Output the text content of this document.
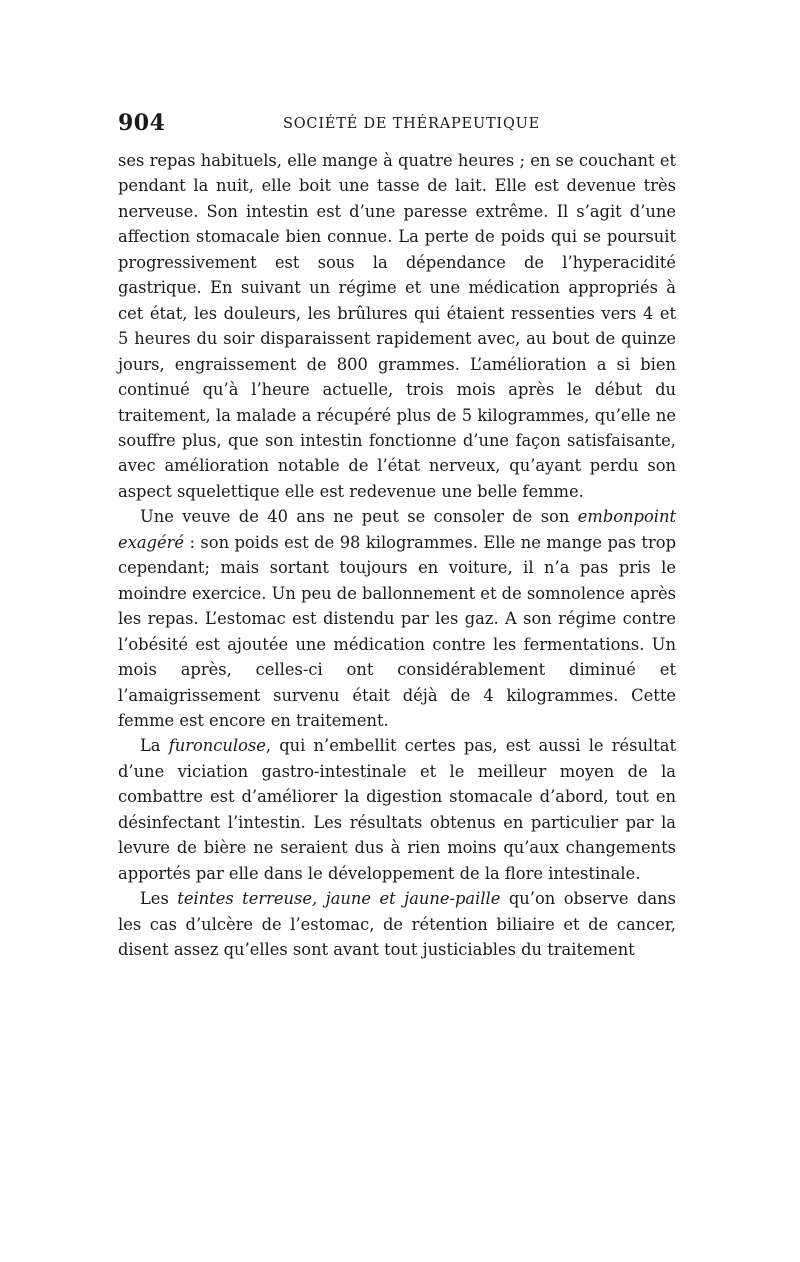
904	SOCIÉTÉ DE THÉRAPEUTIQUE

ses repas habituels, elle mange à quatre heures ; en se couchant et pendant la nuit, elle boit une tasse de lait. Elle est devenue très nerveuse. Son intestin est d’une paresse extrême. Il s’agit d’une affection stomacale bien connue. La perte de poids qui se poursuit progressivement est sous la dépendance de l’hyperacidité gastrique. En suivant un régime et une médication appropriés à cet état, les douleurs, les brûlures qui étaient ressenties vers 4 et 5 heures du soir disparaissent rapidement avec, au bout de quinze jours, engraissement de 800 grammes. L’amélioration a si bien continué qu’à l’heure actuelle, trois mois après le début du traitement, la malade a récupéré plus de 5 kilogrammes, qu’elle ne souffre plus, que son intestin fonctionne d’une façon satisfaisante, avec amélioration notable de l’état nerveux, qu’ayant perdu son aspect squelettique elle est redevenue une belle femme.

Une veuve de 40 ans ne peut se consoler de son embonpoint exagéré : son poids est de 98 kilogrammes. Elle ne mange pas trop cependant; mais sortant toujours en voiture, il n’a pas pris le moindre exercice. Un peu de ballonnement et de somnolence après les repas. L’estomac est distendu par les gaz. A son régime contre l’obésité est ajoutée une médication contre les fermentations. Un mois après, celles-ci ont considérablement diminué et l’amaigrissement survenu était déjà de 4 kilogrammes. Cette femme est encore en traitement.

La furonculose, qui n’embellit certes pas, est aussi le résultat d’une viciation gastro-intestinale et le meilleur moyen de la combattre est d’améliorer la digestion stomacale d’abord, tout en désinfectant l’intestin. Les résultats obtenus en particulier par la levure de bière ne seraient dus à rien moins qu’aux changements apportés par elle dans le développement de la flore intestinale.

Les teintes terreuse, jaune et jaune-paille qu’on observe dans les cas d’ulcère de l’estomac, de rétention biliaire et de cancer, disent assez qu’elles sont avant tout justiciables du traitement
